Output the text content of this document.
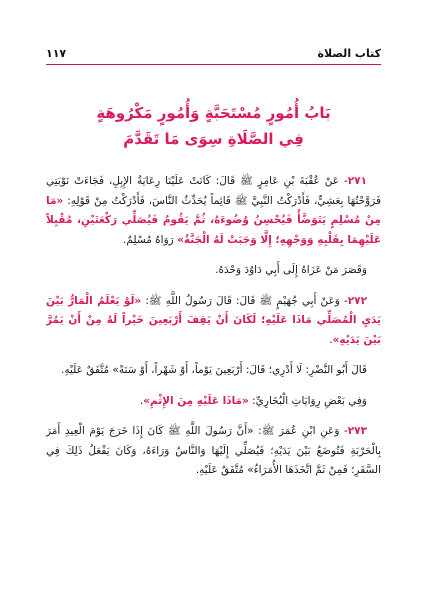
كتاب الصلاة
١١٧
بَابُ أُمُورٍ مُسْتَحَبَّةٍ وَأُمُورٍ مَكْرُوهَةٍ
فِي الصَّلَاةِ سِوَى مَا تَقَدَّمَ

٢٧١- عَنْ عُقْبَةَ بْنِ عَامِرٍ ﷺ قَالَ: كَانَتْ عَلَيْنَا رِعَايَةُ الإِبِلِ، فَجَاءَتْ نَوْبَتِي فَرَوَّحْتُهَا بِعَشِيٍّ، فَأَدْرَكْتُ النَّبِيَّ ﷺ قَائِماً يُحَدِّثُ النَّاسَ، فَأَدْرَكْتُ مِنْ قَوْلِهِ: «مَا مِنْ مُسْلِمٍ يَتَوَضَّأُ فَيُحْسِنُ وُضُوءَهُ، ثُمَّ يَقُومُ فَيُصَلِّي رَكْعَتَيْنِ، مُقْبِلاً عَلَيْهِمَا بِقَلْبِهِ وَوَجْهِهِ؛ إِلَّا وَجَبَتْ لَهُ الْجَنَّةُ» رَوَاهُ مُسْلِمٌ.

وَقَصَرَ مَنْ عَزَاهُ إِلَى أَبِي دَاوُدَ وَحْدَهُ.

٢٧٢- وَعَنْ أَبِي جُهَيْمٍ ﷺ قَالَ: قَالَ رَسُولُ اللَّهِ ﷺ: «لَوْ يَعْلَمُ الْمَارُّ بَيْنَ يَدَيِ الْمُصَلِّي مَاذَا عَلَيْهِ؛ لَكَانَ أَنْ يَقِفَ أَرْبَعِينَ خَيْراً لَهُ مِنْ أَنْ يَمُرَّ بَيْنَ يَدَيْهِ».

قَالَ أَبُو النَّضْرِ: لَا أَدْرِي؛ قَالَ: أَرْبَعِينَ يَوْماً، أَوْ شَهْراً، أَوْ سَنَةً» مُتَّفَقٌ عَلَيْهِ.

وَفِي بَعْضِ رِوَايَاتِ الْبُخَارِيِّ: «مَاذَا عَلَيْهِ مِنَ الإِثْمِ».

٢٧٣- وَعَنِ ابْنِ عُمَرَ ﷺ: «أَنَّ رَسُولَ اللَّهِ ﷺ كَانَ إِذَا خَرَجَ يَوْمَ الْعِيدِ أَمَرَ بِالْحَرْبَةِ فَتُوضَعُ بَيْنَ يَدَيْهِ؛ فَيُصَلِّي إِلَيْهَا وَالنَّاسُ وَرَاءَهُ، وَكَانَ يَفْعَلُ ذَلِكَ فِي السَّفَرِ؛ فَمِنْ ثَمَّ اتَّخَذَهَا الأُمَرَاءُ» مُتَّفَقٌ عَلَيْهِ.
